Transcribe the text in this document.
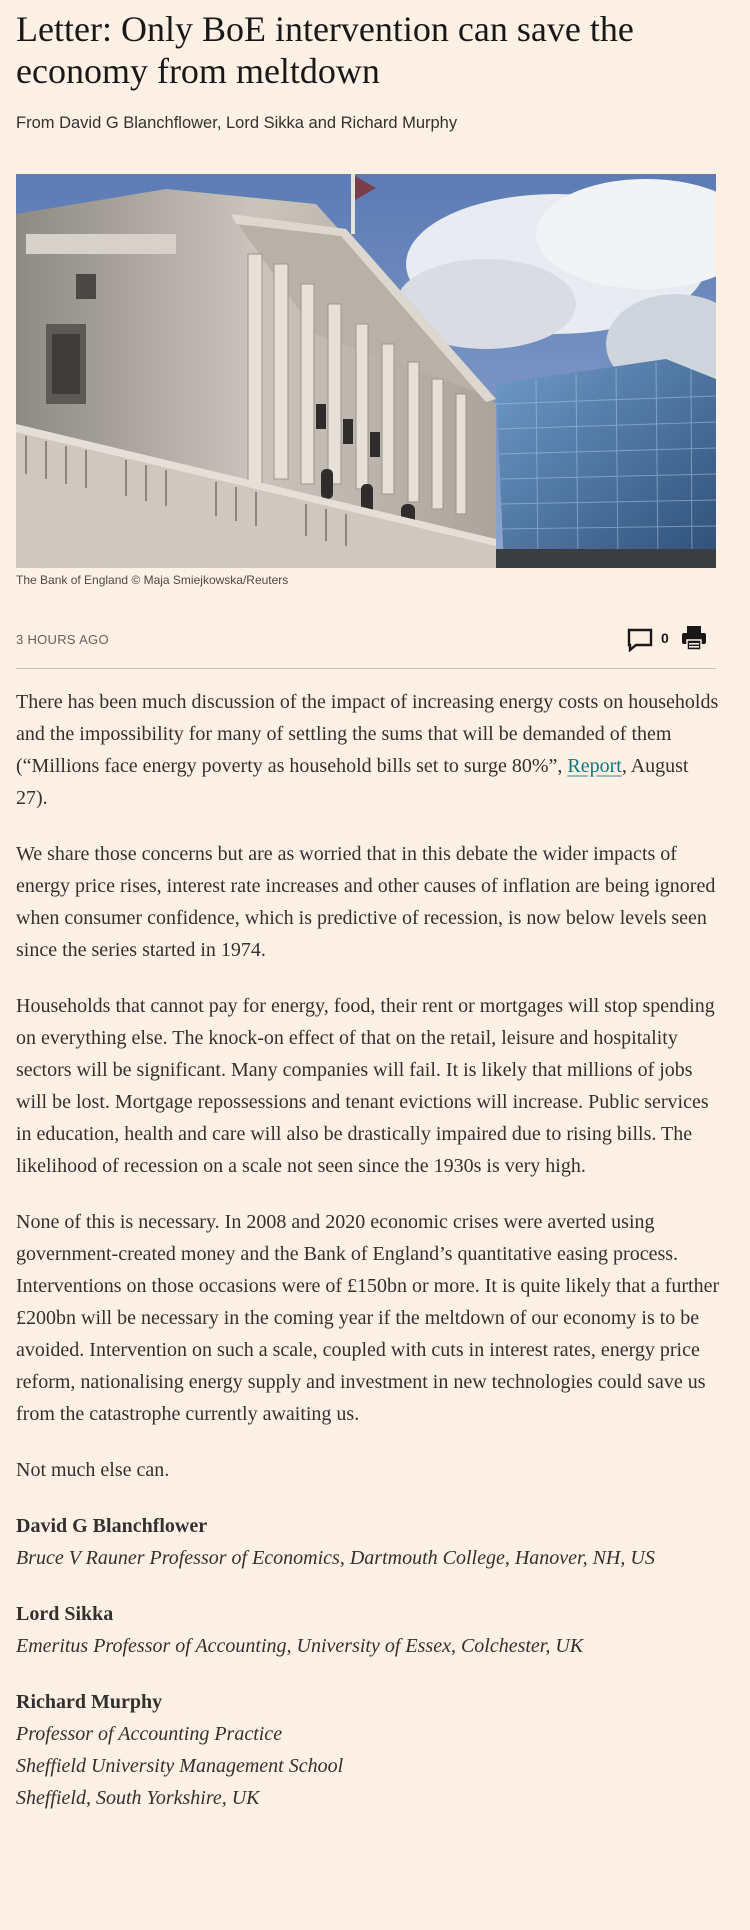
Letter: Only BoE intervention can save the economy from meltdown

From David G Blanchflower, Lord Sikka and Richard Murphy

The Bank of England © Maja Smiejkowska/Reuters

3 HOURS AGO	0

There has been much discussion of the impact of increasing energy costs on households and the impossibility for many of settling the sums that will be demanded of them (“Millions face energy poverty as household bills set to surge 80%”, Report, August 27).

We share those concerns but are as worried that in this debate the wider impacts of energy price rises, interest rate increases and other causes of inflation are being ignored when consumer confidence, which is predictive of recession, is now below levels seen since the series started in 1974.

Households that cannot pay for energy, food, their rent or mortgages will stop spending on everything else. The knock-on effect of that on the retail, leisure and hospitality sectors will be significant. Many companies will fail. It is likely that millions of jobs will be lost. Mortgage repossessions and tenant evictions will increase. Public services in education, health and care will also be drastically impaired due to rising bills. The likelihood of recession on a scale not seen since the 1930s is very high.

None of this is necessary. In 2008 and 2020 economic crises were averted using government-created money and the Bank of England’s quantitative easing process. Interventions on those occasions were of £150bn or more. It is quite likely that a further £200bn will be necessary in the coming year if the meltdown of our economy is to be avoided. Intervention on such a scale, coupled with cuts in interest rates, energy price reform, nationalising energy supply and investment in new technologies could save us from the catastrophe currently awaiting us.

Not much else can.

David G Blanchflower
Bruce V Rauner Professor of Economics, Dartmouth College, Hanover, NH, US
Lord Sikka
Emeritus Professor of Accounting, University of Essex, Colchester, UK
Richard Murphy
Professor of Accounting Practice
Sheffield University Management School
Sheffield, South Yorkshire, UK
